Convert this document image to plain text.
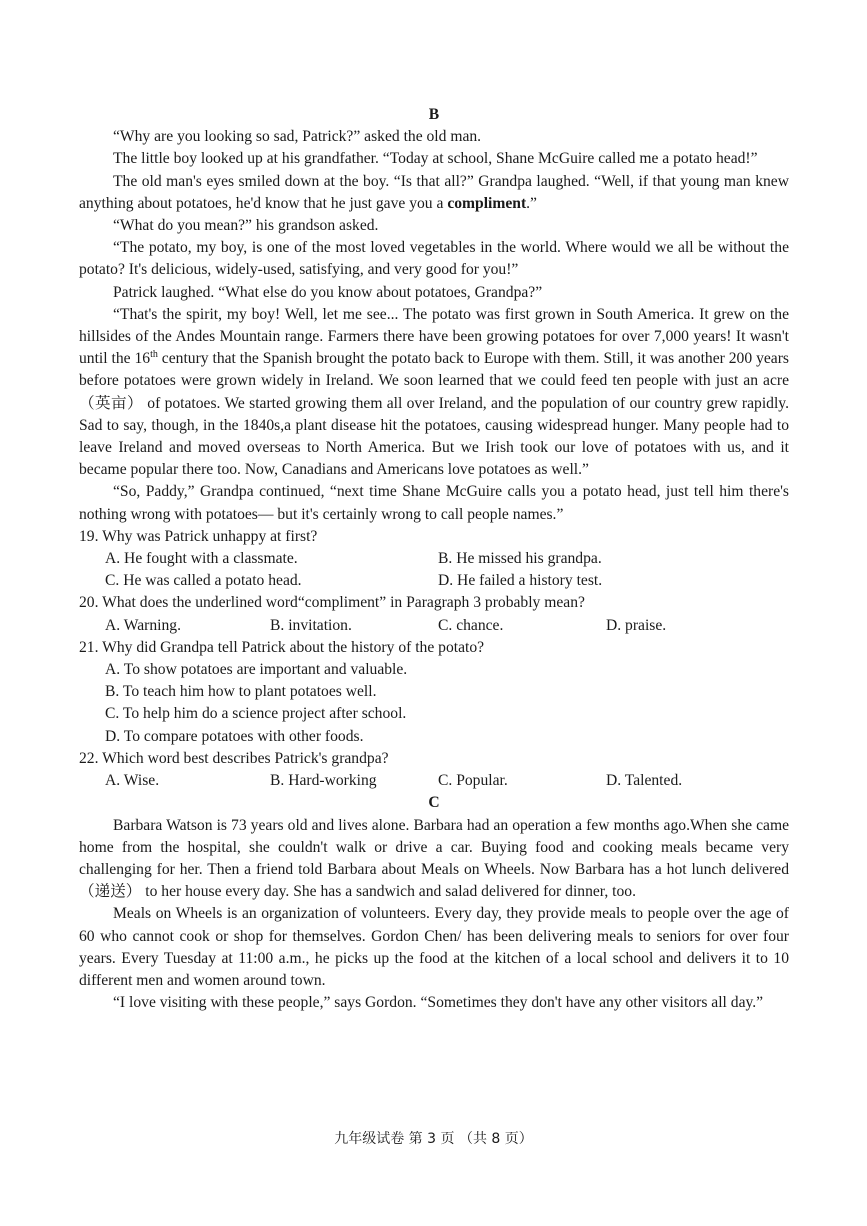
B

“Why are you looking so sad, Patrick?” asked the old man.

The little boy looked up at his grandfather. “Today at school, Shane McGuire called me a potato head!”

The old man's eyes smiled down at the boy. “Is that all?” Grandpa laughed. “Well, if that young man knew anything about potatoes, he'd know that he just gave you a compliment.”

“What do you mean?” his grandson asked.

“The potato, my boy, is one of the most loved vegetables in the world. Where would we all be without the potato? It's delicious, widely-used, satisfying, and very good for you!”

Patrick laughed. “What else do you know about potatoes, Grandpa?”

“That's the spirit, my boy! Well, let me see... The potato was first grown in South America. It grew on the hillsides of the Andes Mountain range. Farmers there have been growing potatoes for over 7,000 years! It wasn't until the 16th century that the Spanish brought the potato back to Europe with them. Still, it was another 200 years before potatoes were grown widely in Ireland. We soon learned that we could feed ten people with just an acre（英亩） of potatoes. We started growing them all over Ireland, and the population of our country grew rapidly. Sad to say, though, in the 1840s,a plant disease hit the potatoes, causing widespread hunger. Many people had to leave Ireland and moved overseas to North America. But we Irish took our love of potatoes with us, and it became popular there too. Now, Canadians and Americans love potatoes as well.”

“So, Paddy,” Grandpa continued, “next time Shane McGuire calls you a potato head, just tell him there's nothing wrong with potatoes— but it's certainly wrong to call people names.”

19. Why was Patrick unhappy at first?

A. He fought with a classmate.	B. He missed his grandpa.
C. He was called a potato head.	D. He failed a history test.

20. What does the underlined word“compliment” in Paragraph 3 probably mean?

A. Warning.	B. invitation.	C. chance.	D. praise.

21. Why did Grandpa tell Patrick about the history of the potato?

A. To show potatoes are important and valuable.

B. To teach him how to plant potatoes well.

C. To help him do a science project after school.

D. To compare potatoes with other foods.

22. Which word best describes Patrick's grandpa?

A. Wise.	B. Hard-working	C. Popular.	D. Talented.
C

Barbara Watson is 73 years old and lives alone. Barbara had an operation a few months ago.When she came home from the hospital, she couldn't walk or drive a car. Buying food and cooking meals became very challenging for her. Then a friend told Barbara about Meals on Wheels. Now Barbara has a hot lunch delivered （递送） to her house every day. She has a sandwich and salad delivered for dinner, too.

Meals on Wheels is an organization of volunteers. Every day, they provide meals to people over the age of 60 who cannot cook or shop for themselves. Gordon Chen/ has been delivering meals to seniors for over four years. Every Tuesday at 11:00 a.m., he picks up the food at the kitchen of a local school and delivers it to 10 different men and women around town.

“I love visiting with these people,” says Gordon. “Sometimes they don't have any other visitors all day.”

九年级试卷 第 3 页 （共 8 页）
